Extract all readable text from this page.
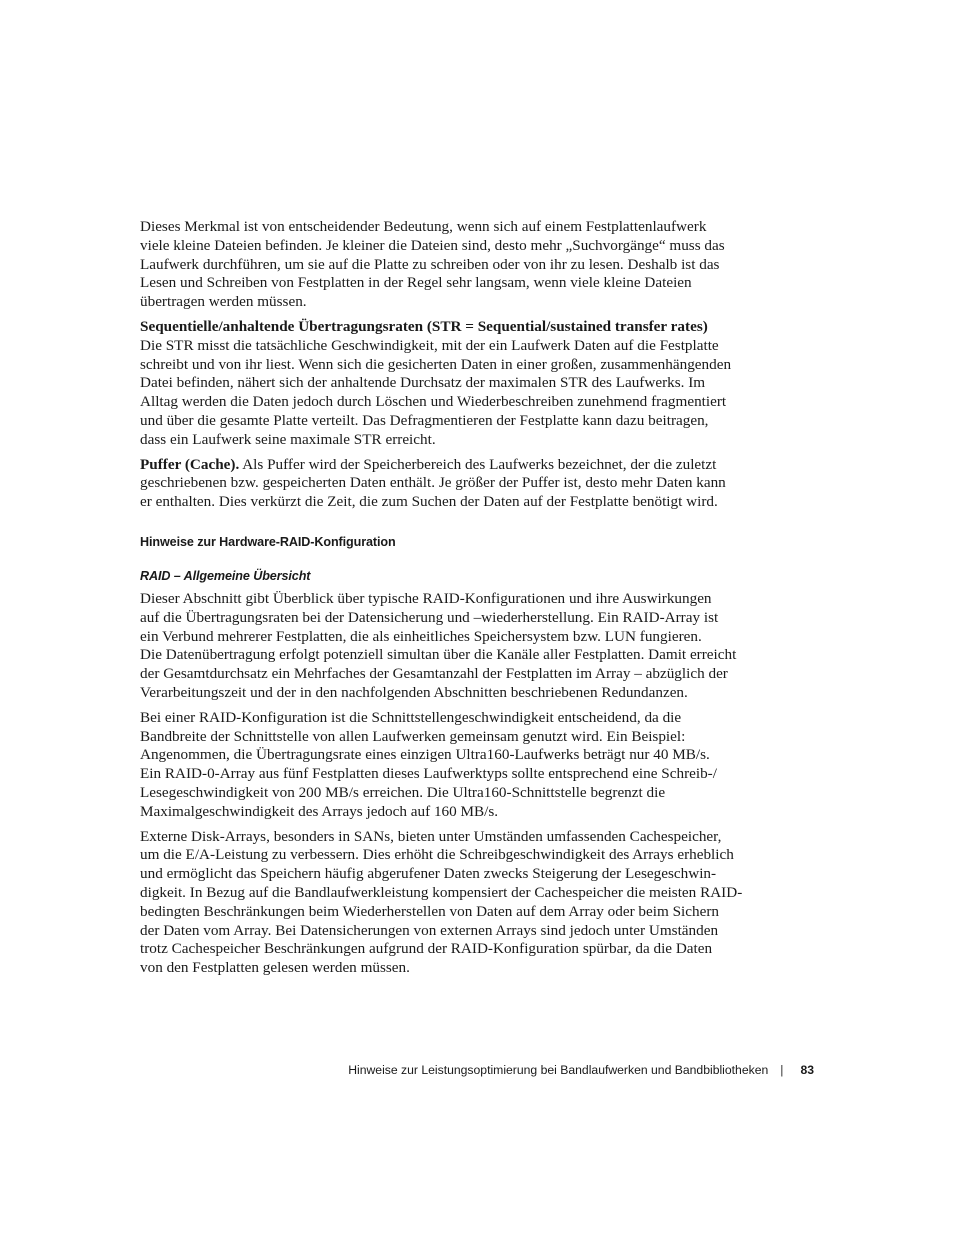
Dieses Merkmal ist von entscheidender Bedeutung, wenn sich auf einem Festplattenlaufwerk
viele kleine Dateien befinden. Je kleiner die Dateien sind, desto mehr „Suchvorgänge“ muss das
Laufwerk durchführen, um sie auf die Platte zu schreiben oder von ihr zu lesen. Deshalb ist das
Lesen und Schreiben von Festplatten in der Regel sehr langsam, wenn viele kleine Dateien
übertragen werden müssen.

Sequentielle/anhaltende Übertragungsraten (STR = Sequential/sustained transfer rates)
Die STR misst die tatsächliche Geschwindigkeit, mit der ein Laufwerk Daten auf die Festplatte
schreibt und von ihr liest. Wenn sich die gesicherten Daten in einer großen, zusammenhängenden
Datei befinden, nähert sich der anhaltende Durchsatz der maximalen STR des Laufwerks. Im
Alltag werden die Daten jedoch durch Löschen und Wiederbeschreiben zunehmend fragmentiert
und über die gesamte Platte verteilt. Das Defragmentieren der Festplatte kann dazu beitragen,
dass ein Laufwerk seine maximale STR erreicht.

Puffer (Cache). Als Puffer wird der Speicherbereich des Laufwerks bezeichnet, der die zuletzt
geschriebenen bzw. gespeicherten Daten enthält. Je größer der Puffer ist, desto mehr Daten kann
er enthalten. Dies verkürzt die Zeit, die zum Suchen der Daten auf der Festplatte benötigt wird.

Hinweise zur Hardware-RAID-Konfiguration
RAID – Allgemeine Übersicht

Dieser Abschnitt gibt Überblick über typische RAID-Konfigurationen und ihre Auswirkungen
auf die Übertragungsraten bei der Datensicherung und –wiederherstellung. Ein RAID-Array ist
ein Verbund mehrerer Festplatten, die als einheitliches Speichersystem bzw. LUN fungieren.
Die Datenübertragung erfolgt potenziell simultan über die Kanäle aller Festplatten. Damit erreicht
der Gesamtdurchsatz ein Mehrfaches der Gesamtanzahl der Festplatten im Array – abzüglich der
Verarbeitungszeit und der in den nachfolgenden Abschnitten beschriebenen Redundanzen.

Bei einer RAID-Konfiguration ist die Schnittstellengeschwindigkeit entscheidend, da die
Bandbreite der Schnittstelle von allen Laufwerken gemeinsam genutzt wird. Ein Beispiel:
Angenommen, die Übertragungsrate eines einzigen Ultra160-Laufwerks beträgt nur 40 MB/s.
Ein RAID-0-Array aus fünf Festplatten dieses Laufwerktyps sollte entsprechend eine Schreib-/
Lesegeschwindigkeit von 200 MB/s erreichen. Die Ultra160-Schnittstelle begrenzt die
Maximalgeschwindigkeit des Arrays jedoch auf 160 MB/s.

Externe Disk-Arrays, besonders in SANs, bieten unter Umständen umfassenden Cachespeicher,
um die E/A-Leistung zu verbessern. Dies erhöht die Schreibgeschwindigkeit des Arrays erheblich
und ermöglicht das Speichern häufig abgerufener Daten zwecks Steigerung der Lesegeschwin-
digkeit. In Bezug auf die Bandlaufwerkleistung kompensiert der Cachespeicher die meisten RAID-
bedingten Beschränkungen beim Wiederherstellen von Daten auf dem Array oder beim Sichern
der Daten vom Array. Bei Datensicherungen von externen Arrays sind jedoch unter Umständen
trotz Cachespeicher Beschränkungen aufgrund der RAID-Konfiguration spürbar, da die Daten
von den Festplatten gelesen werden müssen.

Hinweise zur Leistungsoptimierung bei Bandlaufwerken und Bandbibliotheken | 83
